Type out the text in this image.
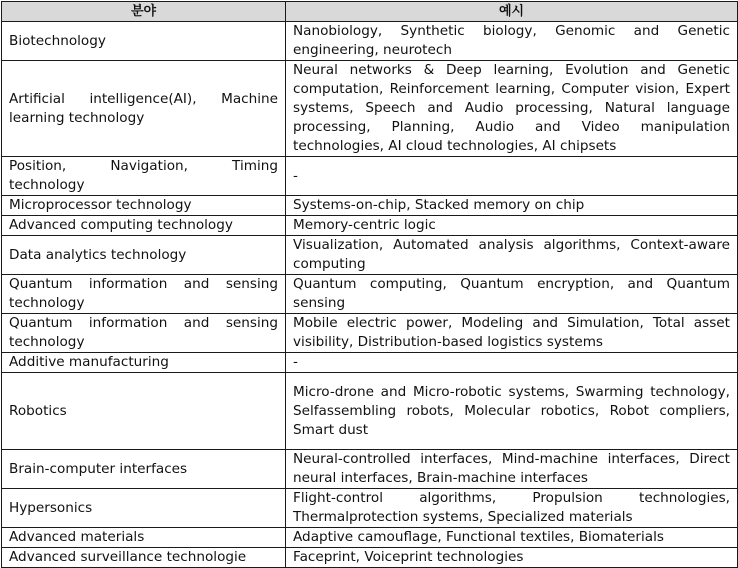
분야	예시
Biotechnology	Nanobiology, Synthetic biology, Genomic and Genetic engineering, neurotech
Artificial intelligence(AI), Machine learning technology	Neural networks & Deep learning, Evolution and Genetic computation, Reinforcement learning, Computer vision, Expert systems, Speech and Audio processing, Natural language processing, Planning, Audio and Video manipulation technologies, AI cloud technologies, AI chipsets
Position, Navigation, Timing technology	-
Microprocessor technology	Systems-on-chip, Stacked memory on chip
Advanced computing technology	Memory-centric logic
Data analytics technology	Visualization, Automated analysis algorithms, Context-aware computing
Quantum information and sensing technology	Quantum computing, Quantum encryption, and Quantum sensing
Quantum information and sensing technology	Mobile electric power, Modeling and Simulation, Total asset visibility, Distribution-based logistics systems
Additive manufacturing	-
Robotics	Micro-drone and Micro-robotic systems, Swarming technology, Selfassembling robots, Molecular robotics, Robot compliers, Smart dust
Brain-computer interfaces	Neural-controlled interfaces, Mind-machine interfaces, Direct neural interfaces, Brain-machine interfaces
Hypersonics	Flight-control algorithms, Propulsion technologies, Thermalprotection systems, Specialized materials
Advanced materials	Adaptive camouflage, Functional textiles, Biomaterials
Advanced surveillance technologie	Faceprint, Voiceprint technologies
